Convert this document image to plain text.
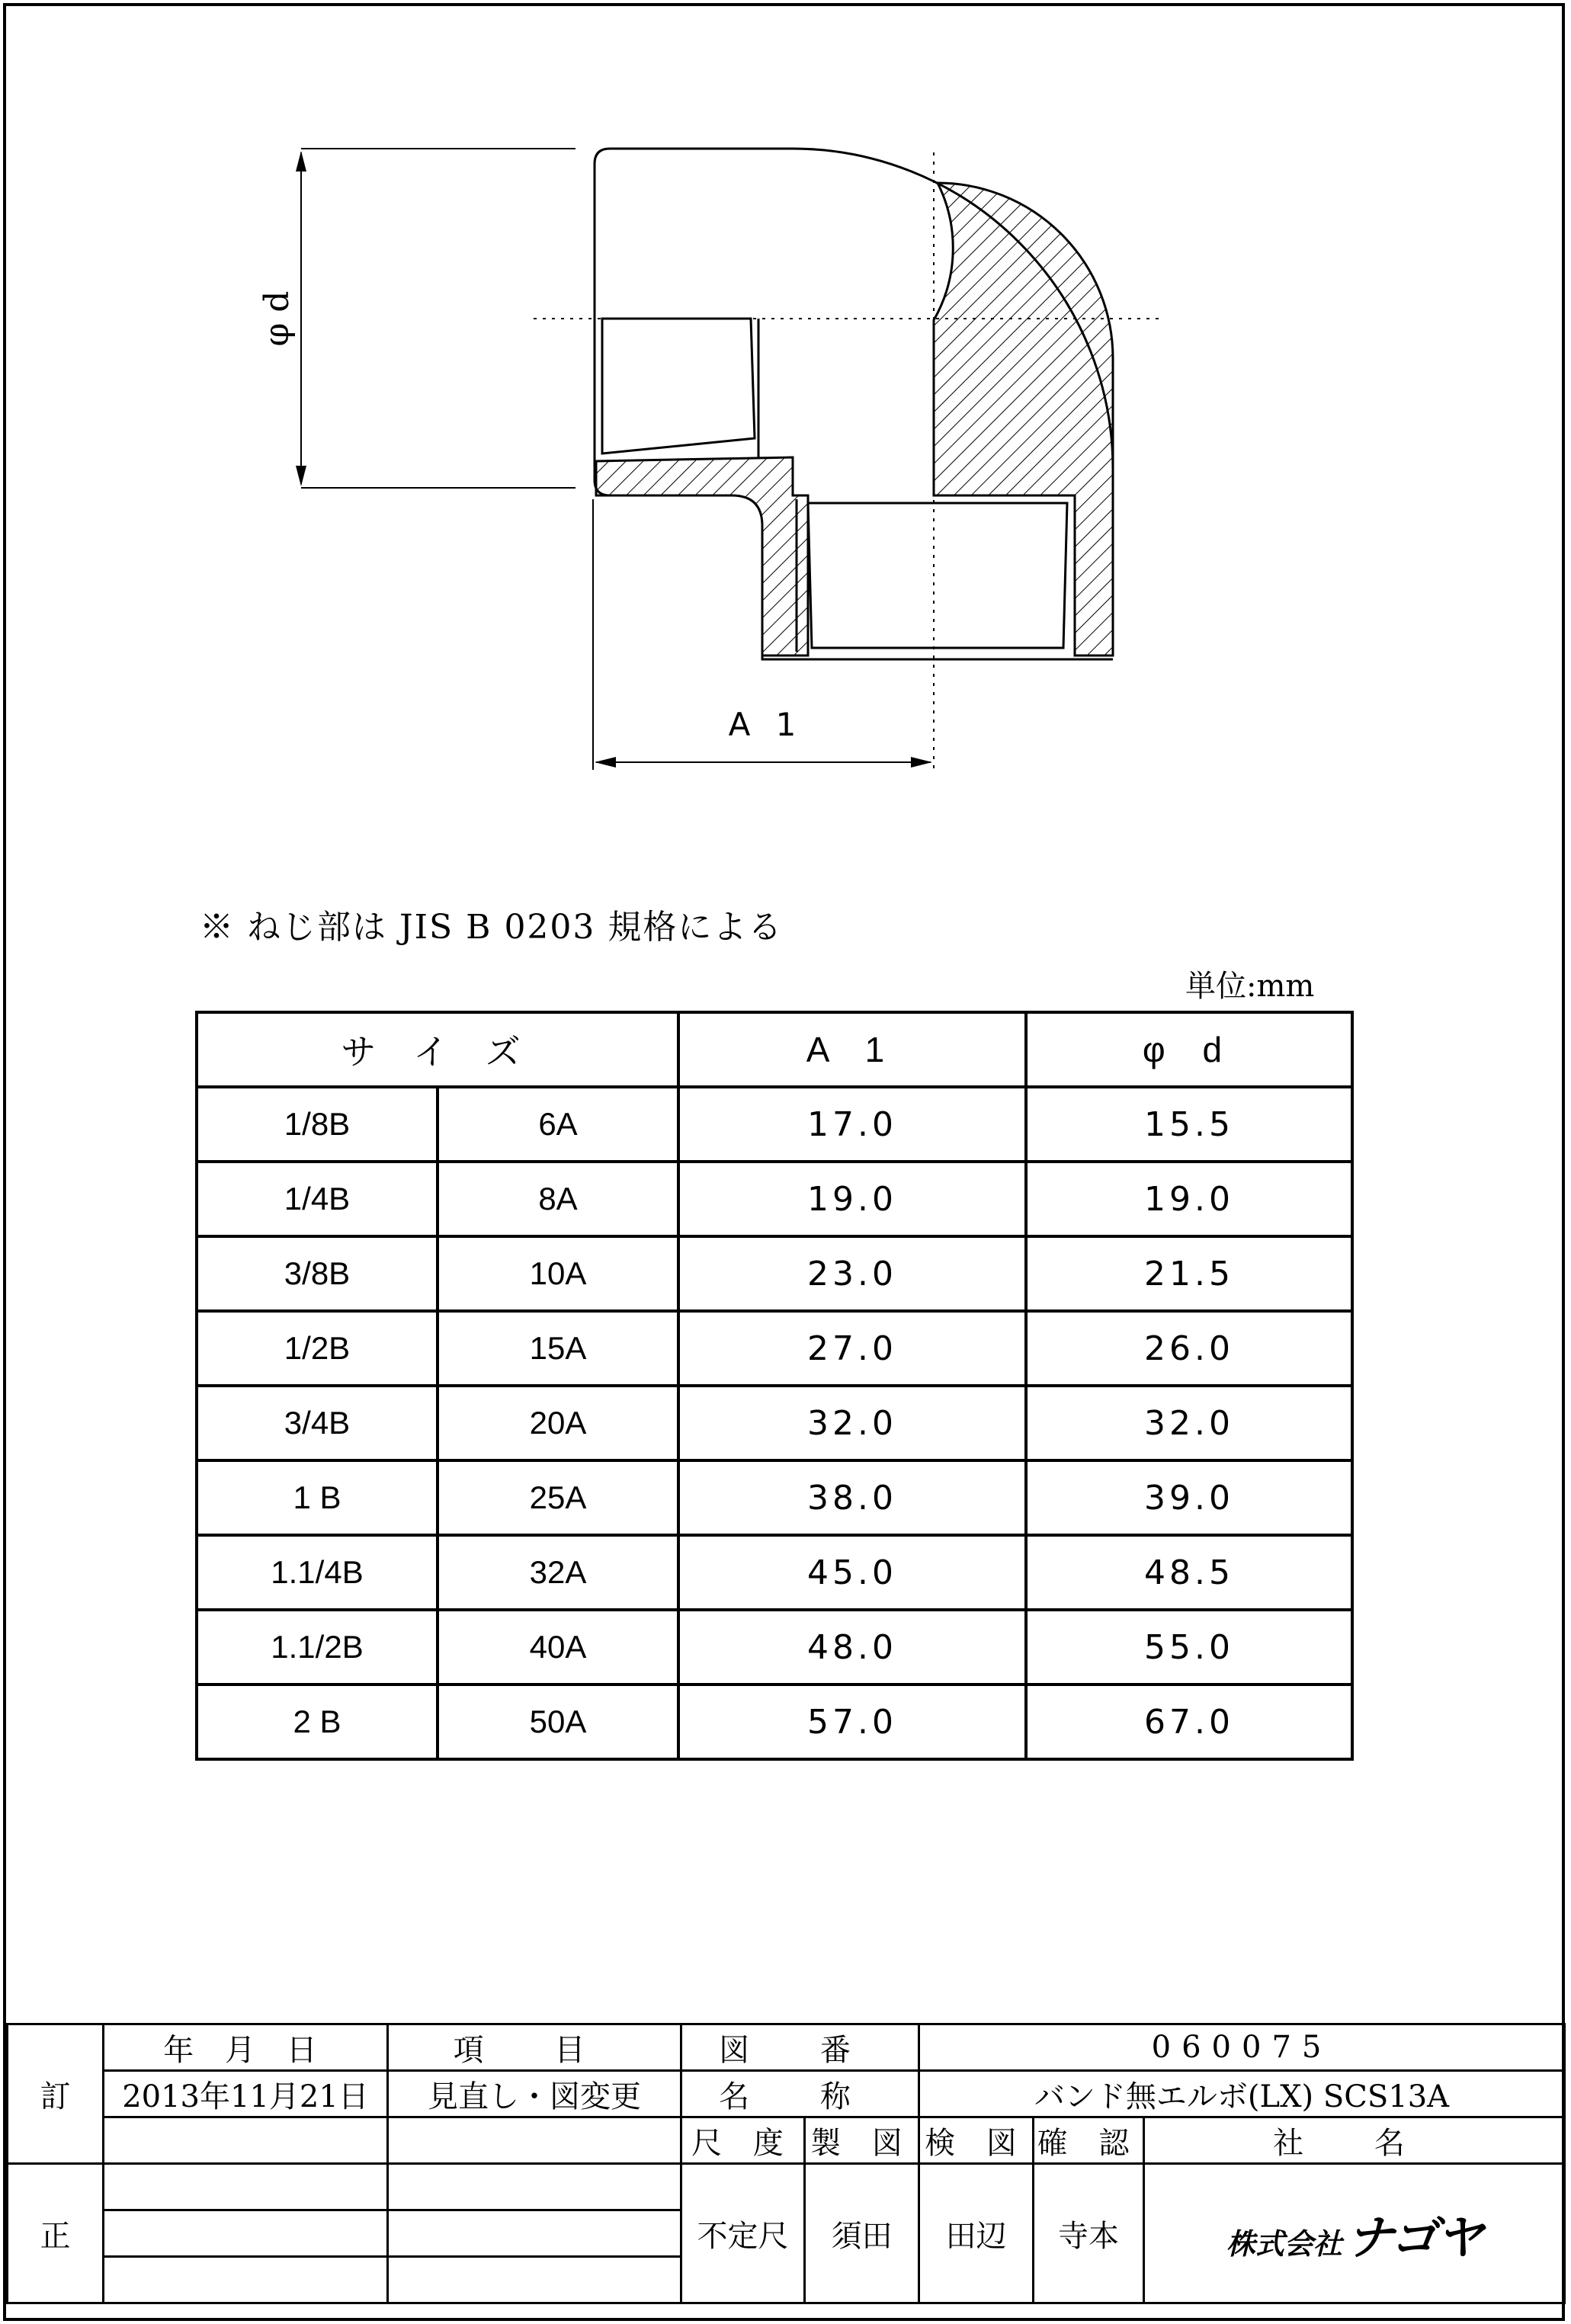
φ d
A 1
※ ねじ部は JIS B 0203 規格による
単位:mm
サ イ ズ		A 1	φ d
1/8B	6A	17.0	15.5
1/4B	8A	19.0	19.0
3/8B	10A	23.0	21.5
1/2B	15A	27.0	26.0
3/4B	20A	32.0	32.0
1 B	25A	38.0	39.0
1.1/4B	32A	45.0	48.5
1.1/2B	40A	48.0	55.0
2 B	50A	57.0	67.0
訂	年 月 日	項 目	図 番		060075		
	2013年11月21日	見直し・図変更	名 称		バンド無エルボ(LX) SCS13A		
			尺 度	製 図	検 図	確 認	社 名
正			不定尺	須田	田辺	寺本	株式会社ナゴヤ
